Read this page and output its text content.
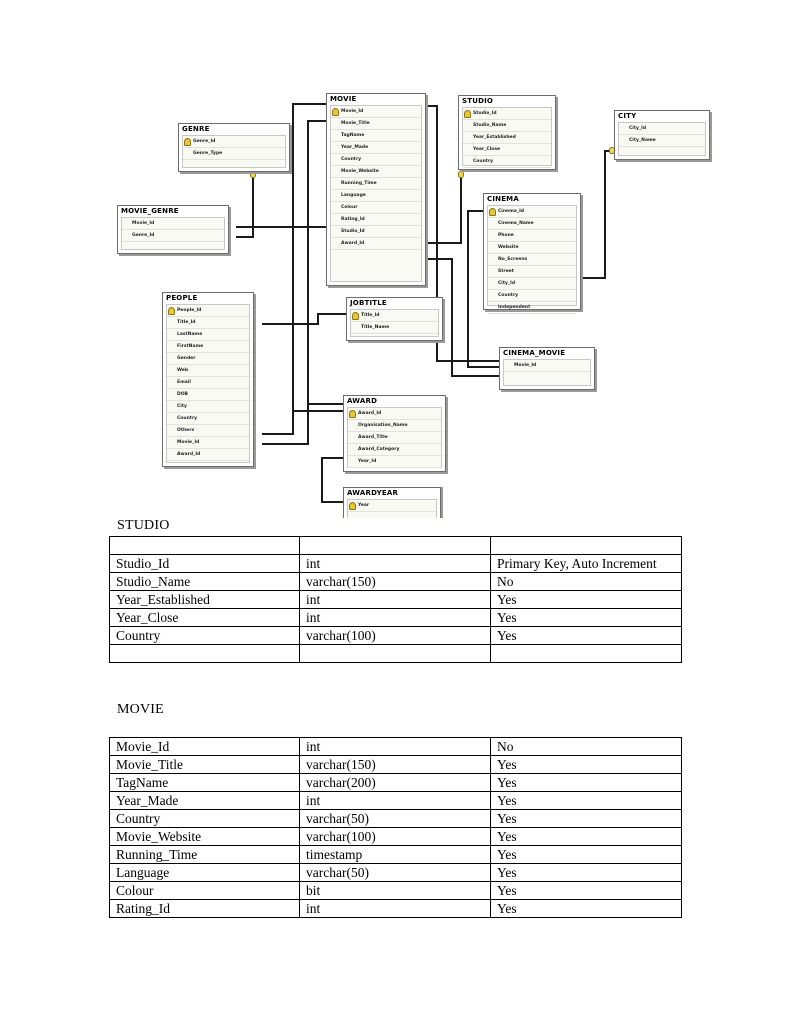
MOVIE
Movie_Id
Movie_Title
TagName
Year_Made
Country
Movie_Website
Running_Time
Language
Colour
Rating_Id
Studio_Id
Award_Id
STUDIO
Studio_Id
Studio_Name
Year_Established
Year_Close
Country
CITY
City_Id
City_Name
GENRE
Genre_Id
Genre_Type
MOVIE_GENRE
Movie_Id
Genre_Id
CINEMA
Cinema_Id
Cinema_Name
Phone
Website
No_Screens
Street
City_Id
Country
Independent
PEOPLE
People_Id
Title_Id
LastName
FirstName
Gender
Web
Email
DOB
City
Country
Others
Movie_Id
Award_Id
JOBTITLE
Title_Id
Title_Name
CINEMA_MOVIE
Movie_Id
AWARD
Award_Id
Organisation_Name
Award_Title
Award_Category
Year_Id
AWARDYEAR
Year
STUDIO

Studio_Id	int	Primary Key, Auto Increment
Studio_Name	varchar(150)	No
Year_Established	int	Yes
Year_Close	int	Yes
Country	varchar(100)	Yes

MOVIE
Movie_Id	int	No
Movie_Title	varchar(150)	Yes
TagName	varchar(200)	Yes
Year_Made	int	Yes
Country	varchar(50)	Yes
Movie_Website	varchar(100)	Yes
Running_Time	timestamp	Yes
Language	varchar(50)	Yes
Colour	bit	Yes
Rating_Id	int	Yes
